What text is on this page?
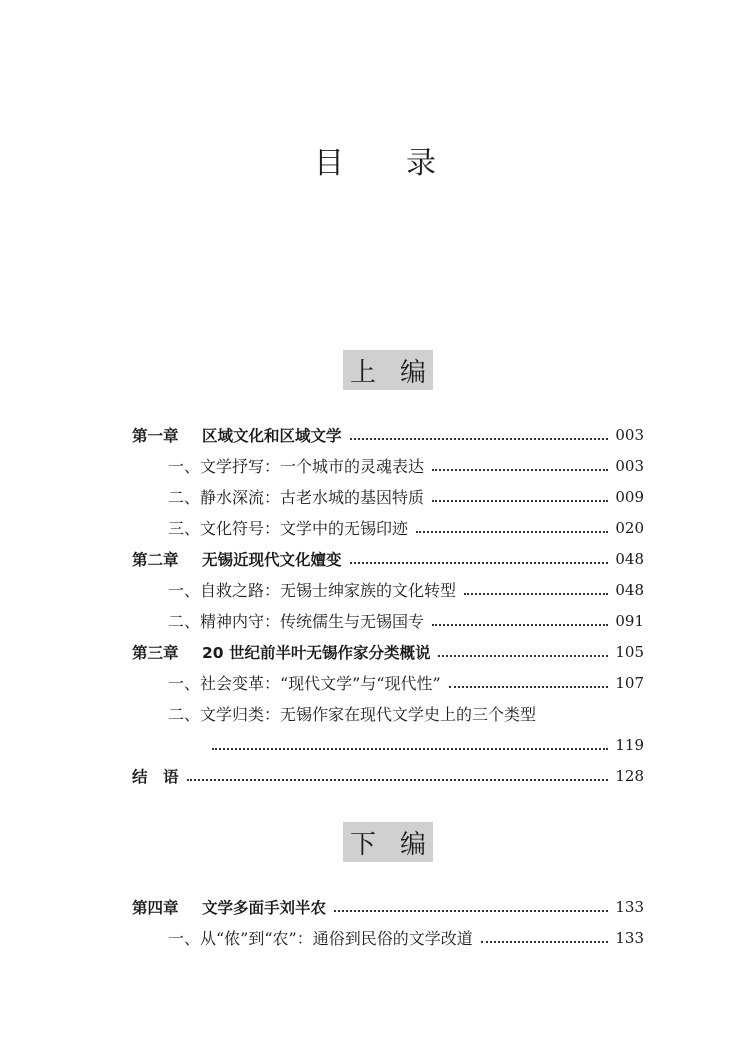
目 录
上 编
第一章 区域文化和区域文学	003
一、文学抒写：一个城市的灵魂表达	003
二、静水深流：古老水城的基因特质	009
三、文化符号：文学中的无锡印迹	020
第二章 无锡近现代文化嬗变	048
一、自救之路：无锡士绅家族的文化转型	048
二、精神内守：传统儒生与无锡国专	091
第三章 20 世纪前半叶无锡作家分类概说	105
一、社会变革：“现代文学”与“现代性”	107
二、文学归类：无锡作家在现代文学史上的三个类型
119
结　语	128
下 编
第四章 文学多面手刘半农	133
一、从“侬”到“农”：通俗到民俗的文学改道	133
